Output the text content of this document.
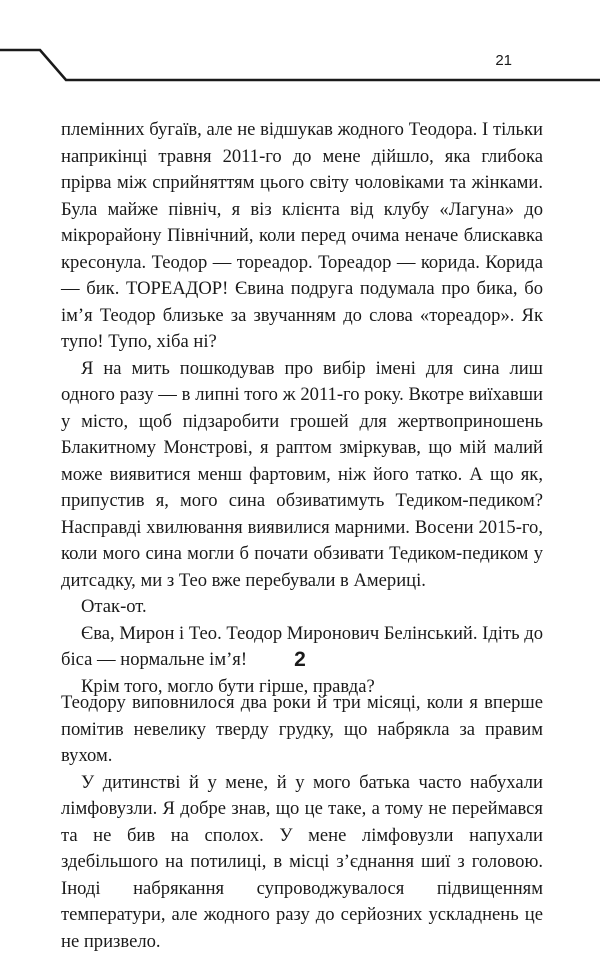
21

племінних бугаїв, але не відшукав жодного Теодора. І тільки наприкінці травня 2011-го до мене дійшло, яка глибока прірва між сприйняттям цього світу чоловіками та жінками. Була майже північ, я віз клієнта від клубу «Лагуна» до мікрорайону Північний, коли перед очима неначе блискавка кресонула. Теодор — тореадор. Тореадор — корида. Корида — бик. ТОРЕАДОР! Євина подруга подумала про бика, бо ім’я Теодор близьке за звучанням до слова «тореадор». Як тупо! Тупо, хіба ні?

Я на мить пошкодував про вибір імені для сина лиш одного разу — в липні того ж 2011-го року. Вкотре виїхавши у місто, щоб підзаробити грошей для жертвоприношень Блакитному Монстрові, я раптом зміркував, що мій малий може виявитися менш фартовим, ніж його татко. А що як, припустив я, мого сина обзиватимуть Тедиком-педиком? Насправді хвилювання виявилися марними. Восени 2015-го, коли мого сина могли б почати обзивати Тедиком-педиком у дитсадку, ми з Тео вже перебували в Америці.

Отак-от.

Єва, Мирон і Тео. Теодор Миронович Белінський. Ідіть до біса — нормальне ім’я!

Крім того, могло бути гірше, правда?

2

Теодору виповнилося два роки й три місяці, коли я вперше помітив невелику тверду грудку, що набрякла за правим вухом.

У дитинстві й у мене, й у мого батька часто набухали лімфовузли. Я добре знав, що це таке, а тому не переймався та не бив на сполох. У мене лімфовузли напухали здебільшого на потилиці, в місці з’єднання шиї з головою. Іноді набрякання супроводжувалося підвищенням температури, але жодного разу до серйозних ускладнень це не призвело.
